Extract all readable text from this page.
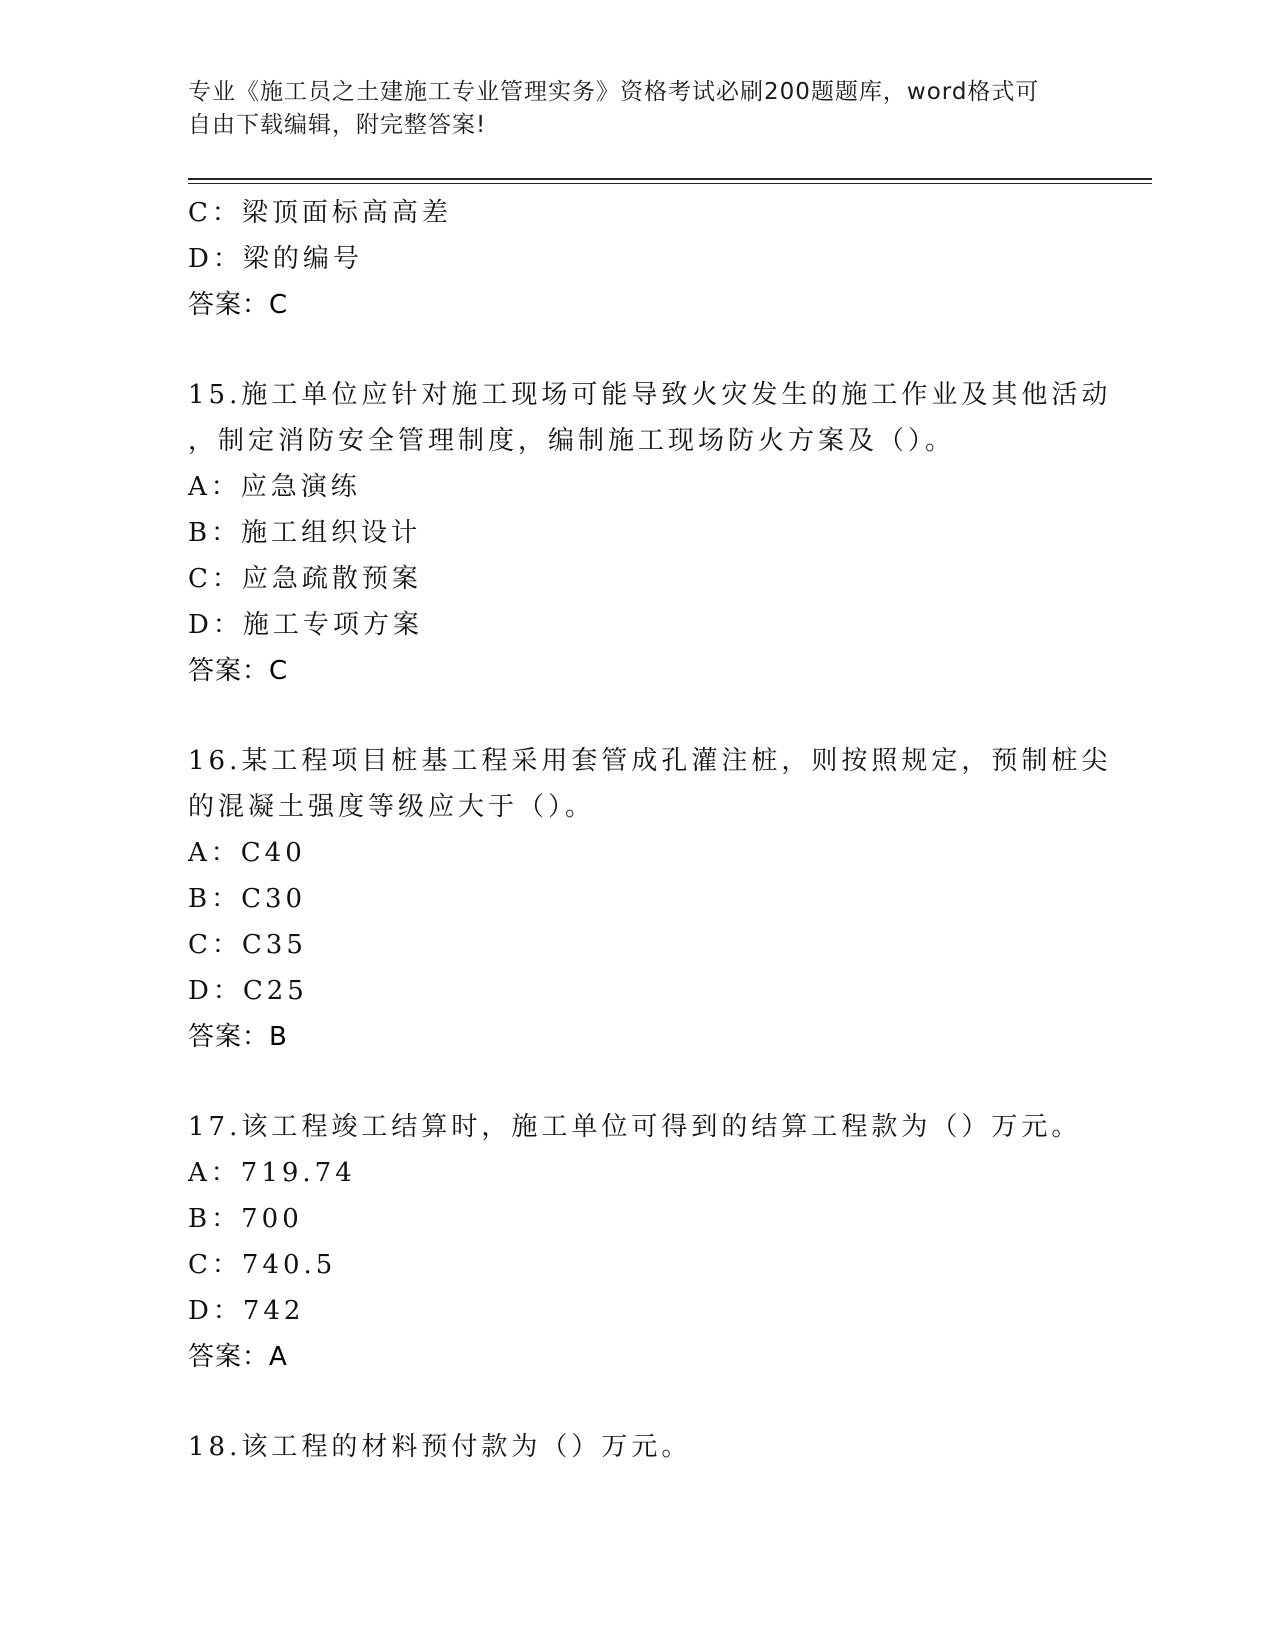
专业《施工员之土建施工专业管理实务》资格考试必刷200题题库，word格式可
自由下载编辑，附完整答案!
C：梁顶面标高高差
D：梁的编号
答案：C
15.施工单位应针对施工现场可能导致火灾发生的施工作业及其他活动
，制定消防安全管理制度，编制施工现场防火方案及（）。
A：应急演练
B：施工组织设计
C：应急疏散预案
D：施工专项方案
答案：C
16.某工程项目桩基工程采用套管成孔灌注桩，则按照规定，预制桩尖
的混凝土强度等级应大于（）。
A：C40
B：C30
C：C35
D：C25
答案：B
17.该工程竣工结算时，施工单位可得到的结算工程款为（）万元。
A：719.74
B：700
C：740.5
D：742
答案：A
18.该工程的材料预付款为（）万元。
